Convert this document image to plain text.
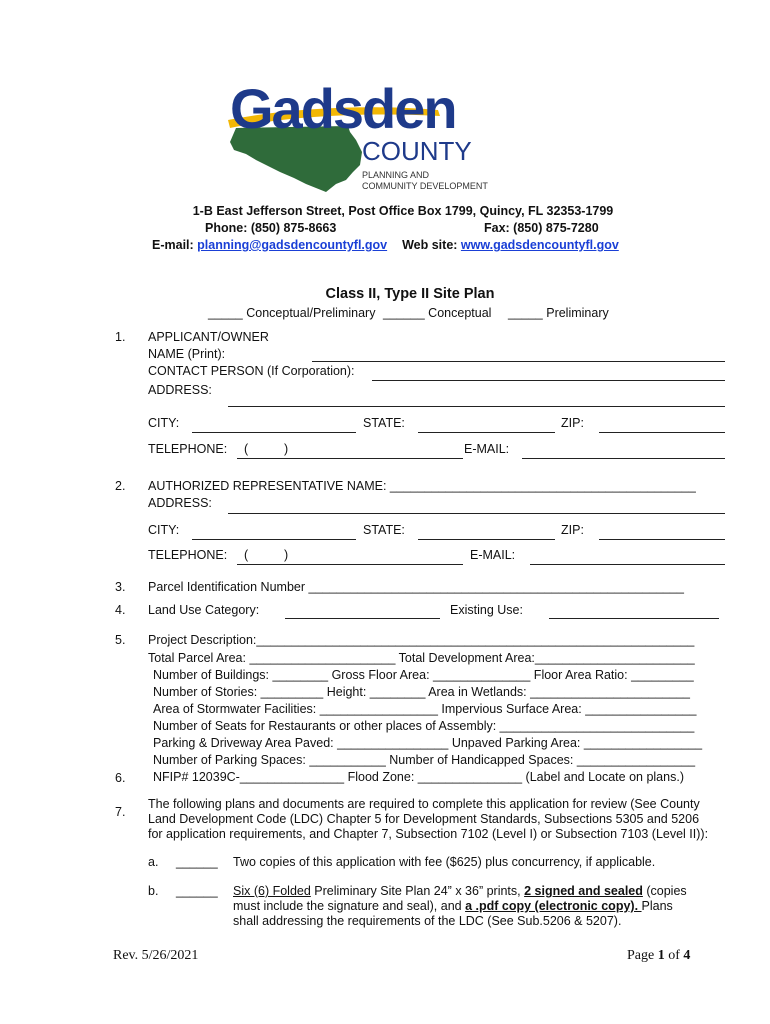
Gadsden
COUNTY
PLANNING AND
COMMUNITY DEVELOPMENT
1-B East Jefferson Street, Post Office Box 1799, Quincy, FL 32353-1799
Phone: (850) 875-8663	Fax: (850) 875-7280
E-mail: planning@gadsdencountyfl.gov Web site: www.gadsdencountyfl.gov
Class II, Type II Site Plan
_____ Conceptual/Preliminary ______ Conceptual _____ Preliminary
1. APPLICANT/OWNER
NAME (Print):
CONTACT PERSON (If Corporation):
ADDRESS:
CITY:	STATE:	ZIP:
TELEPHONE: (	)	E-MAIL:
2. AUTHORIZED REPRESENTATIVE NAME: ____________________________________________
ADDRESS:
CITY:	STATE:	ZIP:
TELEPHONE: (	)	E-MAIL:
3. Parcel Identification Number ______________________________________________________
4. Land Use Category:	Existing Use:
5. Project Description:_______________________________________________________________
Total Parcel Area: _____________________ Total Development Area:_______________________
Number of Buildings: ________ Gross Floor Area: ______________ Floor Area Ratio: _________
Number of Stories: _________ Height: ________ Area in Wetlands: _______________________
Area of Stormwater Facilities: _________________ Impervious Surface Area: ________________
Number of Seats for Restaurants or other places of Assembly: ____________________________
Parking & Driveway Area Paved: ________________ Unpaved Parking Area: _________________
Number of Parking Spaces: ___________ Number of Handicapped Spaces: _________________
6. NFIP# 12039C-_______________ Flood Zone: _______________ (Label and Locate on plans.)
7.
The following plans and documents are required to complete this application for review (See County
Land Development Code (LDC) Chapter 5 for Development Standards, Subsections 5305 and 5206
for application requirements, and Chapter 7, Subsection 7102 (Level I) or Subsection 7103 (Level II)):
a. ______ Two copies of this application with fee ($625) plus concurrency, if applicable.
b. ______ Six (6) Folded Preliminary Site Plan 24” x 36” prints, 2 signed and sealed (copies
must include the signature and seal), and a .pdf copy (electronic copy). Plans
shall addressing the requirements of the LDC (See Sub.5206 & 5207).
Rev. 5/26/2021	Page 1 of 4
